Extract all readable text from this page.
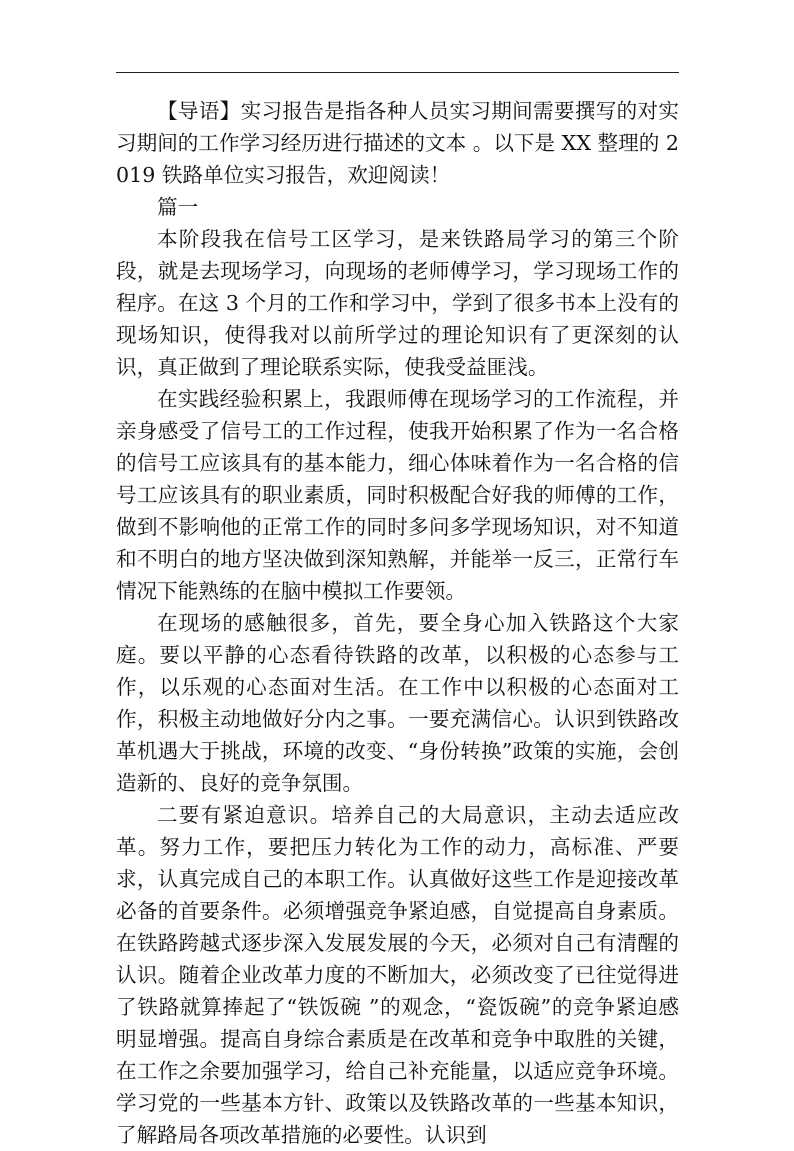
【导语】实习报告是指各种人员实习期间需要撰写的对实习期间的工作学习经历进行描述的文本 。以下是 XX 整理的 2019 铁路单位实习报告，欢迎阅读！

篇一

本阶段我在信号工区学习，是来铁路局学习的第三个阶段，就是去现场学习，向现场的老师傅学习，学习现场工作的程序。在这 3 个月的工作和学习中，学到了很多书本上没有的现场知识，使得我对以前所学过的理论知识有了更深刻的认识，真正做到了理论联系实际，使我受益匪浅。

在实践经验积累上，我跟师傅在现场学习的工作流程，并亲身感受了信号工的工作过程，使我开始积累了作为一名合格的信号工应该具有的基本能力，细心体味着作为一名合格的信号工应该具有的职业素质，同时积极配合好我的师傅的工作，做到不影响他的正常工作的同时多问多学现场知识，对不知道和不明白的地方坚决做到深知熟解，并能举一反三，正常行车情况下能熟练的在脑中模拟工作要领。

在现场的感触很多，首先，要全身心加入铁路这个大家庭。要以平静的心态看待铁路的改革，以积极的心态参与工作，以乐观的心态面对生活。在工作中以积极的心态面对工作，积极主动地做好分内之事。一要充满信心。认识到铁路改革机遇大于挑战，环境的改变、“身份转换”政策的实施，会创造新的、良好的竞争氛围。

二要有紧迫意识。培养自己的大局意识，主动去适应改革。努力工作，要把压力转化为工作的动力，高标准、严要求，认真完成自己的本职工作。认真做好这些工作是迎接改革必备的首要条件。必须增强竞争紧迫感，自觉提高自身素质。在铁路跨越式逐步深入发展发展的今天，必须对自己有清醒的认识。随着企业改革力度的不断加大，必须改变了已往觉得进了铁路就算捧起了“铁饭碗 ”的观念，“瓷饭碗”的竞争紧迫感明显增强。提高自身综合素质是在改革和竞争中取胜的关键，在工作之余要加强学习，给自己补充能量，以适应竞争环境。学习党的一些基本方针、政策以及铁路改革的一些基本知识，了解路局各项改革措施的必要性。认识到
